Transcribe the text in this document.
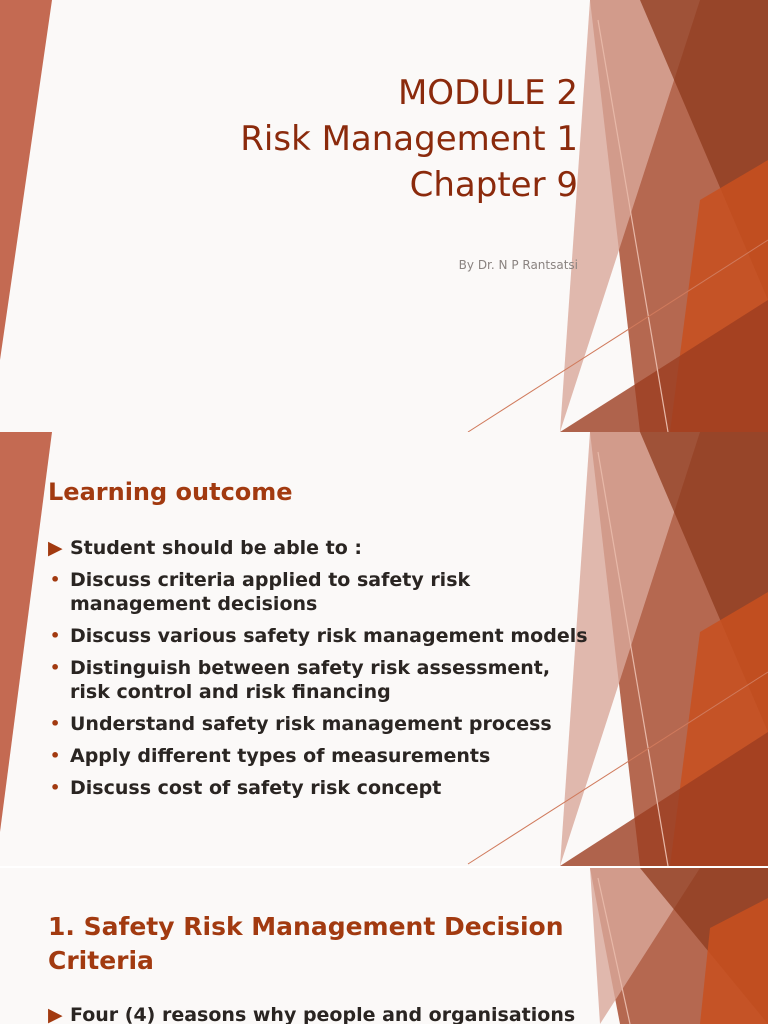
MODULE 2
Risk Management 1
Chapter 9
By Dr. N P Rantsatsi
Learning outcome
▶ Student should be able to :
• Discuss criteria applied to safety risk management decisions
• Discuss various safety risk management models
• Distinguish between safety risk assessment, risk control and risk financing
• Understand safety risk management process
• Apply different types of measurements
• Discuss cost of safety risk concept
1. Safety Risk Management Decision Criteria
▶ Four (4) reasons why people and organisations
